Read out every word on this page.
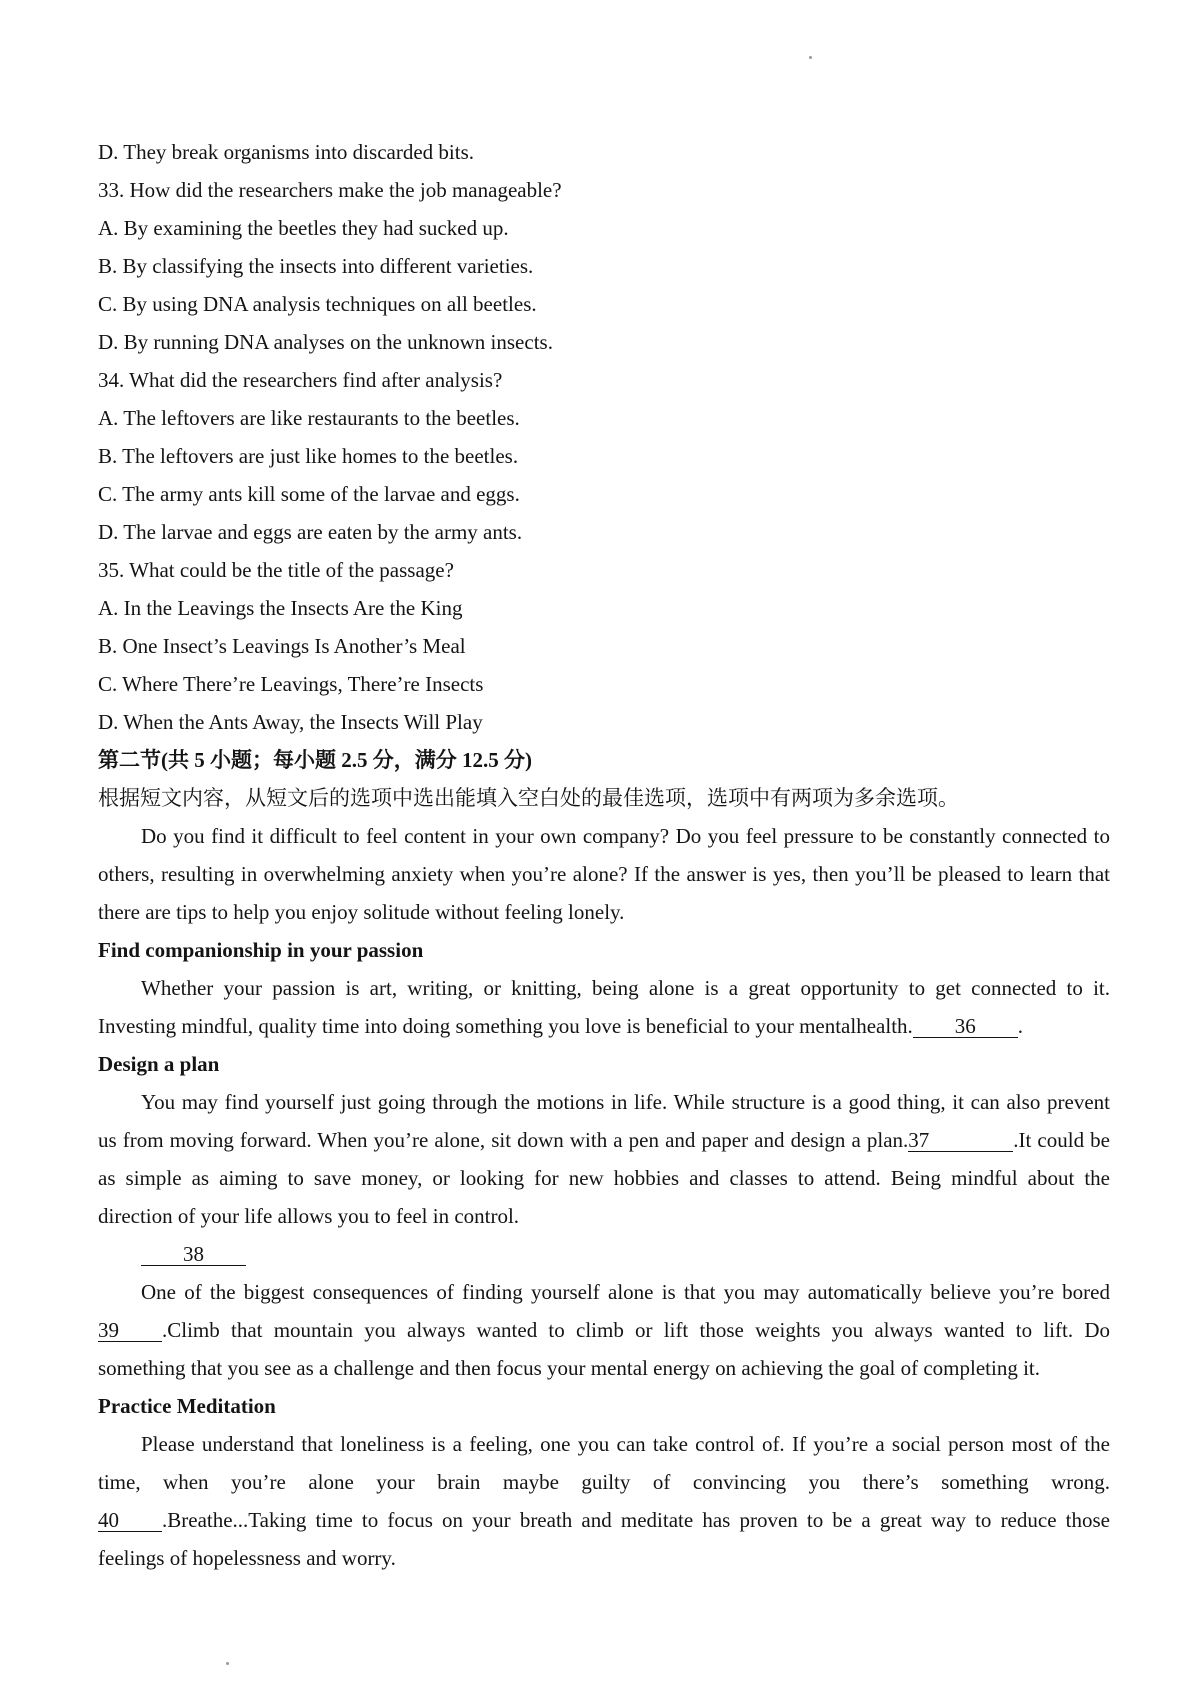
D. They break organisms into discarded bits.
33. How did the researchers make the job manageable?
A. By examining the beetles they had sucked up.
B. By classifying the insects into different varieties.
C. By using DNA analysis techniques on all beetles.
D. By running DNA analyses on the unknown insects.
34. What did the researchers find after analysis?
A. The leftovers are like restaurants to the beetles.
B. The leftovers are just like homes to the beetles.
C. The army ants kill some of the larvae and eggs.
D. The larvae and eggs are eaten by the army ants.
35. What could be the title of the passage?
A. In the Leavings the Insects Are the King
B. One Insect’s Leavings Is Another’s Meal
C. Where There’re Leavings, There’re Insects
D. When the Ants Away, the Insects Will Play
第二节(共 5 小题；每小题 2.5 分，满分 12.5 分)
根据短文内容，从短文后的选项中选出能填入空白处的最佳选项，选项中有两项为多余选项。
Do you find it difficult to feel content in your own company? Do you feel pressure to be constantly connected to
others, resulting in overwhelming anxiety when you’re alone? If the answer is yes, then you’ll be pleased to learn that
there are tips to help you enjoy solitude without feeling lonely.
Find companionship in your passion
Whether your passion is art, writing, or knitting, being alone is a great opportunity to get connected to it.
Investing mindful, quality time into doing something you love is beneficial to your mentalhealth. 36 .
Design a plan
You may find yourself just going through the motions in life. While structure is a good thing, it can also prevent
us from moving forward. When you’re alone, sit down with a pen and paper and design a plan.37	.It could be
as simple as aiming to save money, or looking for new hobbies and classes to attend. Being mindful about the
direction of your life allows you to feel in control.
38
One of the biggest consequences of finding yourself alone is that you may automatically believe you’re bored
39 .Climb that mountain you always wanted to climb or lift those weights you always wanted to lift. Do
something that you see as a challenge and then focus your mental energy on achieving the goal of completing it.
Practice Meditation
Please understand that loneliness is a feeling, one you can take control of. If you’re a social person most of the
time, when you’re alone your brain maybe guilty of convincing you there’s something wrong.
40 .Breathe...Taking time to focus on your breath and meditate has proven to be a great way to reduce those
feelings of hopelessness and worry.
